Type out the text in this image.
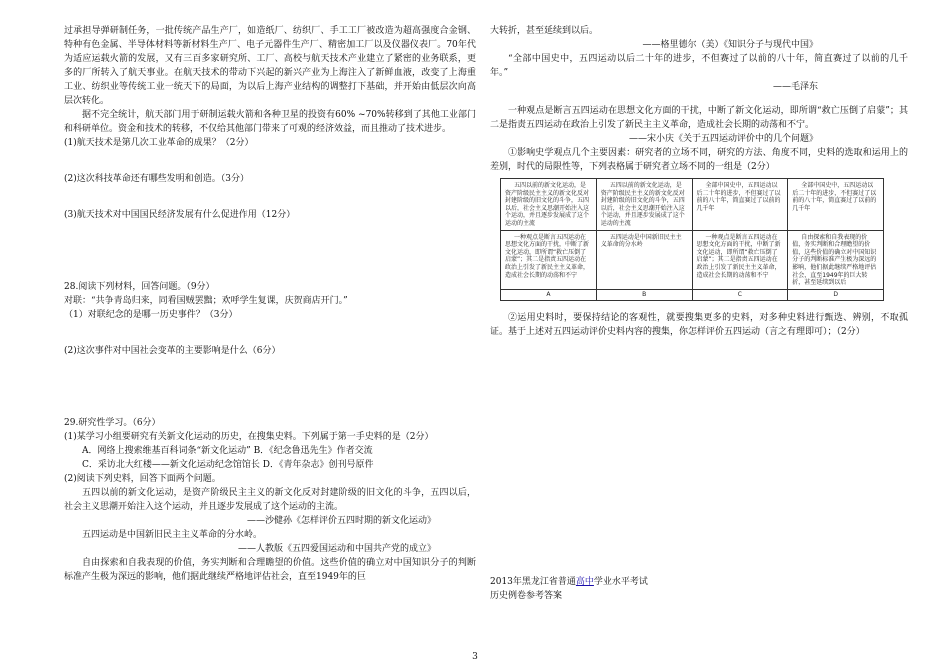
过承担导弹研制任务，一批传统产品生产厂，如造纸厂、纺织厂、手工工厂被改造为超高强度合金钢、特种有色金属、半导体材料等新材料生产厂、电子元器件生产厂、精密加工厂以及仪器仪表厂。70年代为适应运载火箭的发展，又有三百多家研究所、工厂、高校与航天技术产业建立了紧密的业务联系，更多的厂所转入了航天事业。在航天技术的带动下兴起的新兴产业为上海注入了新鲜血液，改变了上海重工业、纺织业等传统工业一统天下的局面，为以后上海产业结构的调整打下基础，并开始由低层次向高层次转化。

据不完全统计，航天部门用于研制运载火箭和各种卫星的投资有60% ~70%转移到了其他工业部门和科研单位。资金和技术的转移，不仅给其他部门带来了可观的经济效益，而且推动了技术进步。

(1)航天技术是第几次工业革命的成果？（2分）

(2)这次科技革命还有哪些发明和创造。（3分）

(3)航天技术对中国国民经济发展有什么促进作用（12分）

28.阅读下列材料，回答问题。（9分）

对联：“共争青岛归来，同看国贼罢黜；欢呼学生复课，庆贺商店开门。”

（1）对联纪念的是哪一历史事件？（3分）

(2)这次事件对中国社会变革的主要影响是什么（6分）

29.研究性学习。（6分）

(1)某学习小组要研究有关新文化运动的历史，在搜集史料。下列属于第一手史料的是（2分）

A．网络上搜索维基百科词条“新文化运动” B．《纪念鲁迅先生》作者交流

C．采访北大红楼——新文化运动纪念馆馆长 D．《青年杂志》创刊号原件

(2)阅读下列史料，回答下面两个问题。

五四以前的新文化运动，是资产阶级民主主义的新文化反对封建阶级的旧文化的斗争，五四以后，社会主义思潮开始注入这个运动，并且逐步发展成了这个运动的主流。

——沙健孙《怎样评价五四时期的新文化运动》

五四运动是中国新旧民主主义革命的分水岭。

——人教版《五四爱国运动和中国共产党的成立》

自由探索和自我表现的价值，务实判断和合理瞻望的价值。这些价值的确立对中国知识分子的判断标准产生极为深远的影响，他们据此继续严格地评估社会，直至1949年的巨

大转折，甚至延续到以后。

——格里德尔（美）《知识分子与现代中国》

“全部中国史中，五四运动以后二十年的进步，不但赛过了以前的八十年，简直赛过了以前的几千年。”

——毛泽东

一种观点是断言五四运动在思想文化方面的干扰，中断了新文化运动，即所谓“救亡压倒了启蒙”；其二是指责五四运动在政治上引发了新民主主义革命，造成社会长期的动荡和不宁。

——宋小庆《关于五四运动评价中的几个问题》

①影响史学观点几个主要因素：研究者的立场不同，研究的方法、角度不同，史料的选取和运用上的差别，时代的局限性等，下列表格属于研究者立场不同的一组是（2分）

五四以前的新文化运动，是资产阶级民主主义的新文化反对封建阶级的旧文化的斗争，五四以后，社会主义思潮开始注入这个运动，并且逐步发展成了这个运动的主流	五四以前的新文化运动，是资产阶级民主主义的新文化反对封建阶级的旧文化的斗争，五四以后，社会主义思潮开始注入这个运动，并且逐步发展成了这个运动的主流	全部中国史中，五四运动以后二十年的进步，不但赛过了以前的八十年，简直赛过了以前的几千年	全部中国史中，五四运动以后二十年的进步，不但赛过了以前的八十年，简直赛过了以前的几千年

一种观点是断言五四运动在思想文化方面的干扰，中断了新文化运动，即所谓“救亡压倒了启蒙”；其二是指责五四运动在政治上引发了新民主主义革命，造成社会长期的动荡和不宁	五四运动是中国新旧民主主义革命的分水岭	一种观点是断言五四运动在思想文化方面的干扰，中断了新文化运动，即所谓“救亡压倒了启蒙”；其二是指责五四运动在政治上引发了新民主主义革命，造成社会长期的动荡和不宁	自由探索和自我表现的价值，务实判断和合理瞻望的价值，这些价值的确立对中国知识分子的判断标准产生极为深远的影响，他们据此继续严格地评估社会，直至1949年的巨大转折，甚至延续到以后

A	B	C	D

②运用史料时，要保持结论的客观性，就要搜集更多的史料，对多种史料进行甄选、辨别，不取孤证。基于上述对五四运动评价史料内容的搜集，你怎样评价五四运动（言之有理即可）；（2分）

2013年黑龙江省普通高中学业水平考试

历史例卷参考答案

3
